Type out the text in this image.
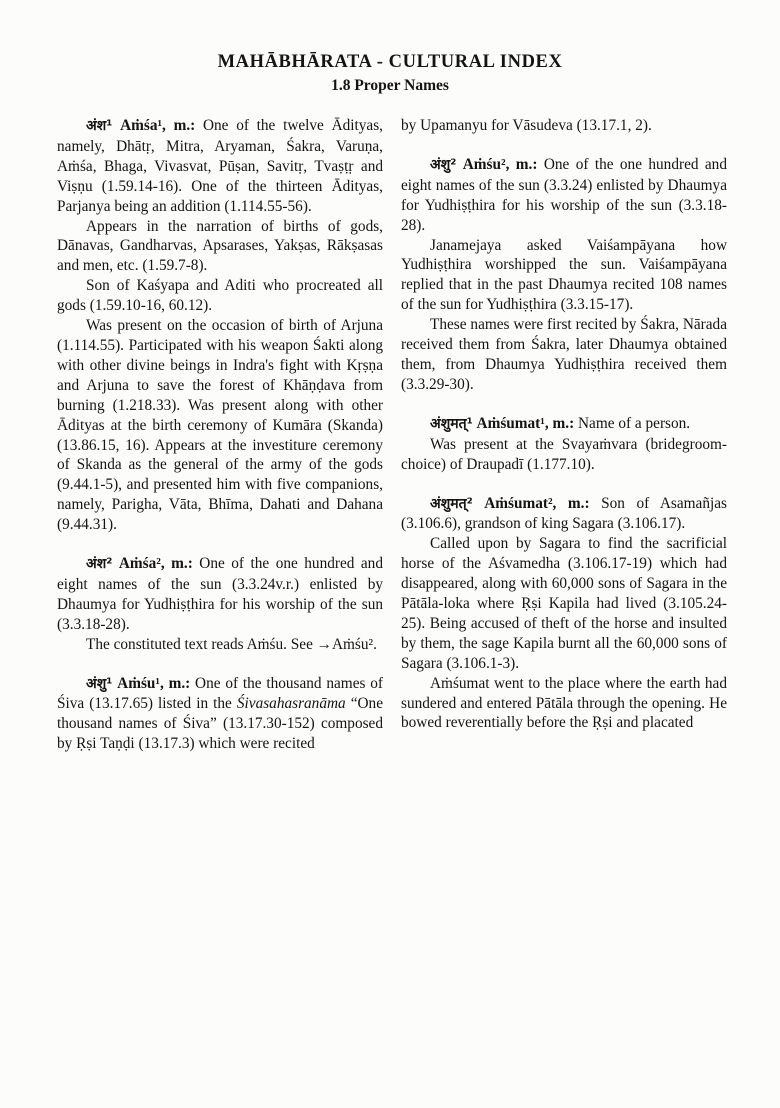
MAHĀBHĀRATA - CULTURAL INDEX
1.8 Proper Names

अंश¹ Aṁśa¹, m.: One of the twelve Ādityas, namely, Dhātṛ, Mitra, Aryaman, Śakra, Varuṇa, Aṁśa, Bhaga, Vivasvat, Pūṣan, Savitṛ, Tvaṣṭṛ and Viṣṇu (1.59.14-16). One of the thirteen Ādityas, Parjanya being an addition (1.114.55-56).

Appears in the narration of births of gods, Dānavas, Gandharvas, Apsarases, Yakṣas, Rākṣasas and men, etc. (1.59.7-8).

Son of Kaśyapa and Aditi who procreated all gods (1.59.10-16, 60.12).

Was present on the occasion of birth of Arjuna (1.114.55). Participated with his weapon Śakti along with other divine beings in Indra's fight with Kṛṣṇa and Arjuna to save the forest of Khāṇḍava from burning (1.218.33). Was present along with other Ādityas at the birth ceremony of Kumāra (Skanda) (13.86.15, 16). Appears at the investiture ceremony of Skanda as the general of the army of the gods (9.44.1-5), and presented him with five companions, namely, Parigha, Vāta, Bhīma, Dahati and Dahana (9.44.31).

अंश² Aṁśa², m.: One of the one hundred and eight names of the sun (3.3.24v.r.) enlisted by Dhaumya for Yudhiṣṭhira for his worship of the sun (3.3.18-28).

The constituted text reads Aṁśu. See →Aṁśu².

अंशु¹ Aṁśu¹, m.: One of the thousand names of Śiva (13.17.65) listed in the Śivasahasranāma “One thousand names of Śiva” (13.17.30-152) composed by Ṛṣi Taṇḍi (13.17.3) which were recited

by Upamanyu for Vāsudeva (13.17.1, 2).

अंशु² Aṁśu², m.: One of the one hundred and eight names of the sun (3.3.24) enlisted by Dhaumya for Yudhiṣṭhira for his worship of the sun (3.3.18-28).

Janamejaya asked Vaiśampāyana how Yudhiṣṭhira worshipped the sun. Vaiśampāyana replied that in the past Dhaumya recited 108 names of the sun for Yudhiṣṭhira (3.3.15-17).

These names were first recited by Śakra, Nārada received them from Śakra, later Dhaumya obtained them, from Dhaumya Yudhiṣṭhira received them (3.3.29-30).

अंशुमत्¹ Aṁśumat¹, m.: Name of a person.

Was present at the Svayaṁvara (bridegroom-choice) of Draupadī (1.177.10).

अंशुमत्² Aṁśumat², m.: Son of Asamañjas (3.106.6), grandson of king Sagara (3.106.17).

Called upon by Sagara to find the sacrificial horse of the Aśvamedha (3.106.17-19) which had disappeared, along with 60,000 sons of Sagara in the Pātāla-loka where Ṛṣi Kapila had lived (3.105.24-25). Being accused of theft of the horse and insulted by them, the sage Kapila burnt all the 60,000 sons of Sagara (3.106.1-3).

Aṁśumat went to the place where the earth had sundered and entered Pātāla through the opening. He bowed reverentially before the Ṛṣi and placated
